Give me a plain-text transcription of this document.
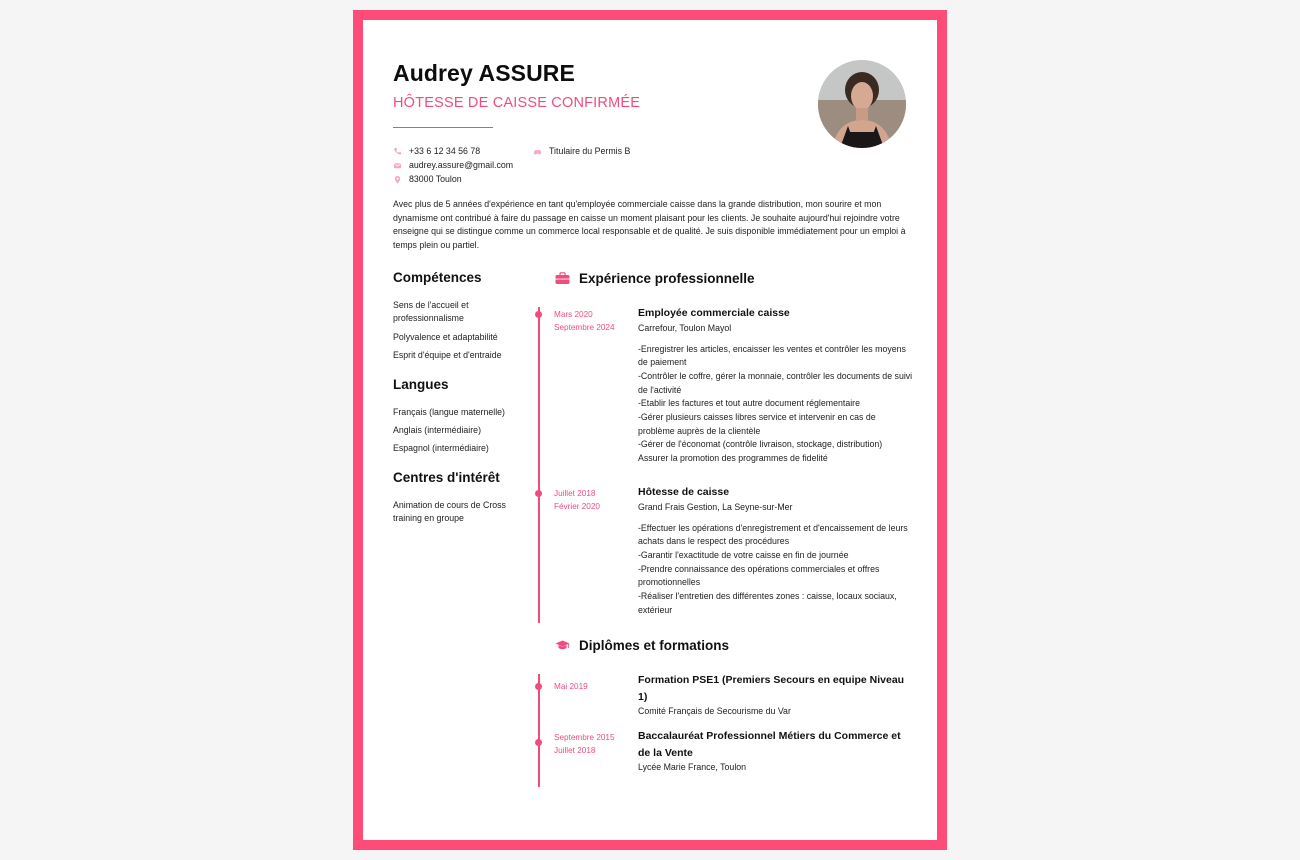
Audrey ASSURE
HÔTESSE DE CAISSE CONFIRMÉE
+33 6 12 34 56 78
audrey.assure@gmail.com
83000 Toulon
Titulaire du Permis B
Avec plus de 5 années d'expérience en tant qu'employée commerciale caisse dans la grande distribution, mon sourire et mon dynamisme ont contribué à faire du passage en caisse un moment plaisant pour les clients. Je souhaite aujourd'hui rejoindre votre enseigne qui se distingue comme un commerce local responsable et de qualité. Je suis disponible immédiatement pour un emploi à temps plein ou partiel.
Compétences
Sens de l'accueil et professionnalisme
Polyvalence et adaptabilité
Esprit d'équipe et d'entraide
Langues
Français (langue maternelle)
Anglais (intermédiaire)
Espagnol (intermédiaire)
Centres d'intérêt
Animation de cours de Cross training en groupe
Expérience professionnelle
Mars 2020
Septembre 2024
Employée commerciale caisse
Carrefour, Toulon Mayol
-Enregistrer les articles, encaisser les ventes et contrôler les moyens de paiement
-Contrôler le coffre, gérer la monnaie, contrôler les documents de suivi de l'activité
-Etablir les factures et tout autre document réglementaire
-Gérer plusieurs caisses libres service et intervenir en cas de problème auprès de la clientèle
-Gérer de l'économat (contrôle livraison, stockage, distribution)
Assurer la promotion des programmes de fidelité
Juillet 2018
Février 2020
Hôtesse de caisse
Grand Frais Gestion, La Seyne-sur-Mer
-Effectuer les opérations d'enregistrement et d'encaissement de leurs achats dans le respect des procédures
-Garantir l'exactitude de votre caisse en fin de journée
-Prendre connaissance des opérations commerciales et offres promotionnelles
-Réaliser l'entretien des différentes zones : caisse, locaux sociaux, extérieur
Diplômes et formations
Mai 2019
Formation PSE1 (Premiers Secours en equipe Niveau 1)
Comité Français de Secourisme du Var
Septembre 2015
Juillet 2018
Baccalauréat Professionnel Métiers du Commerce et de la Vente
Lycée Marie France, Toulon
